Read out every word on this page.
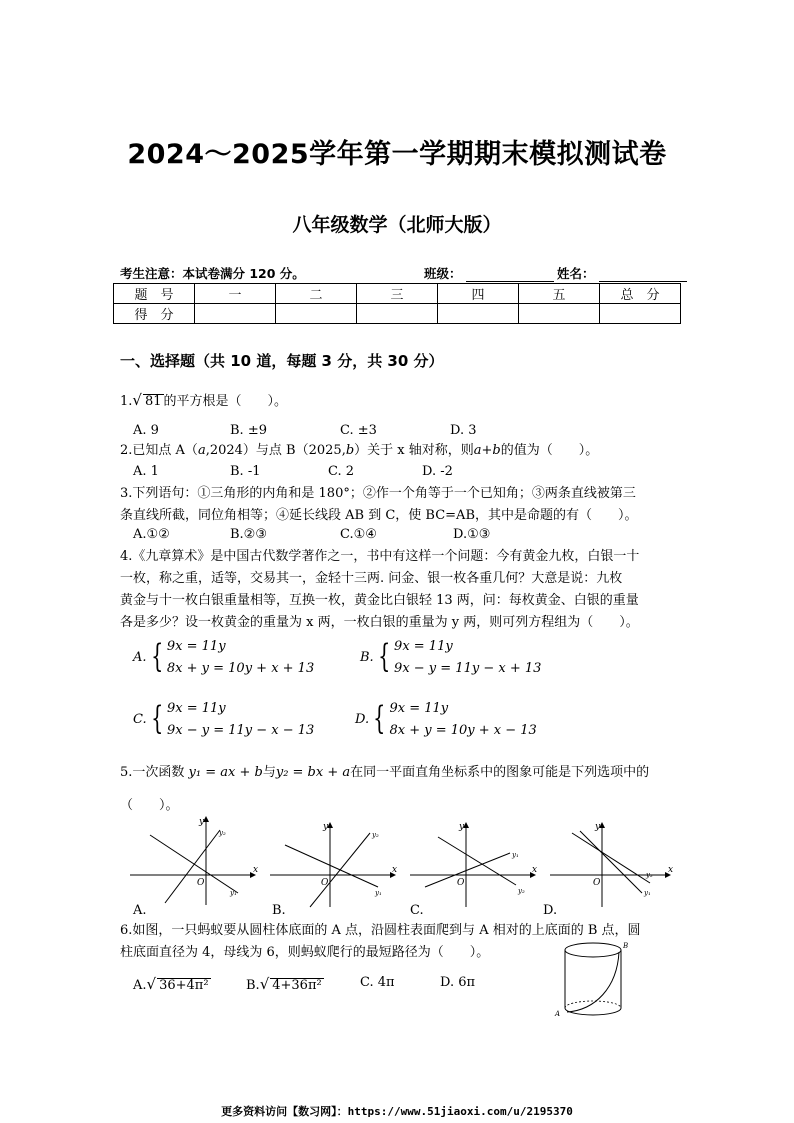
2024～2025学年第一学期期末模拟测试卷
八年级数学（北师大版）
考生注意：本试卷满分 120 分。	班级：	姓名：
题　号	一	二	三	四	五	总　分
得　分						
一、选择题（共 10 道，每题 3 分，共 30 分）
1.√ 81 的平方根是（　　）。
A. 9	B. ±9	C. ±3	D. 3
2.已知点 A（a,2024）与点 B（2025,b）关于 x 轴对称，则a+b的值为（　　）。
A. 1	B. -1	C. 2	D. -2
3.下列语句：①三角形的内角和是 180°；②作一个角等于一个已知角；③两条直线被第三
条直线所截，同位角相等；④延长线段 AB 到 C，使 BC=AB，其中是命题的有（　　）。
A.①②	B.②③	C.①④	D.①③
4.《九章算术》是中国古代数学著作之一，书中有这样一个问题：今有黄金九枚，白银一十
一枚，称之重，适等，交易其一，金轻十三两. 问金、银一枚各重几何？大意是说：九枚
黄金与十一枚白银重量相等，互换一枚，黄金比白银轻 13 两，问：每枚黄金、白银的重量
各是多少？设一枚黄金的重量为 x 两，一枚白银的重量为 y 两，则可列方程组为（　　）。
A. { 9x = 11y
8x + y = 10y + x + 13
B. { 9x = 11y
9x − y = 11y − x + 13
C. { 9x = 11y
9x − y = 11y − x − 13
D. { 9x = 11y
8x + y = 10y + x − 13
5.一次函数 y₁ = ax + b与y₂ = bx + a在同一平面直角坐标系中的图象可能是下列选项中的
（　　）。
x
y
O
y₂
y₁
x
y
O
y₂
y₁
x
y
O
y₁
y₂
x
y
O
y₂
y₁
A.	B.	C.	D.
6.如图，一只蚂蚁要从圆柱体底面的 A 点，沿圆柱表面爬到与 A 相对的上底面的 B 点，圆
柱底面直径为 4，母线为 6，则蚂蚁爬行的最短路径为（　　）。
A.√ 36+4π²	B.√ 4+36π²	C. 4π	D. 6π
A
B
更多资料访问【数习网】：https://www.51jiaoxi.com/u/2195370
